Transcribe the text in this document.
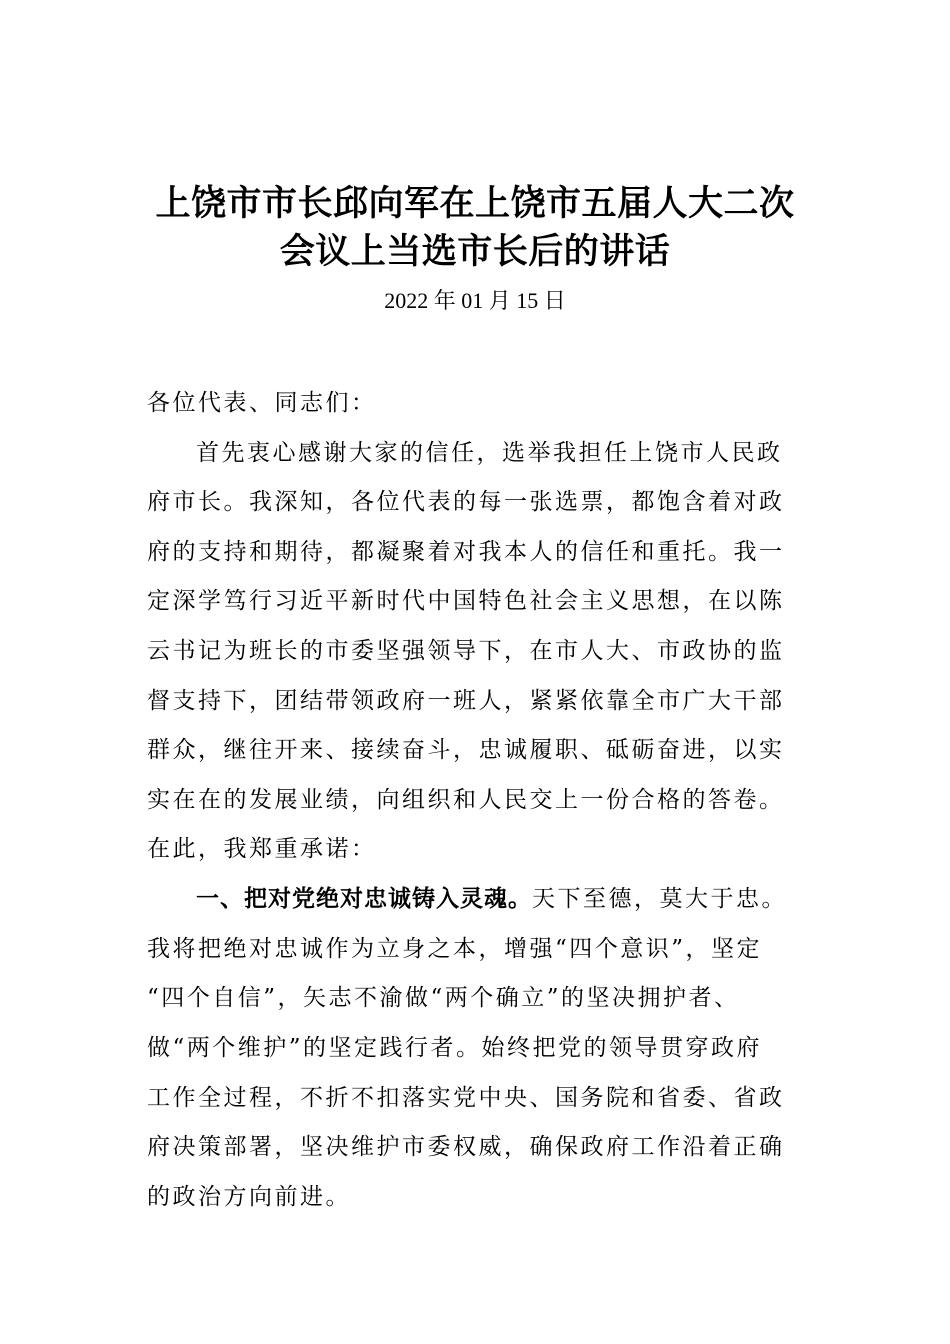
上饶市市长邱向军在上饶市五届人大二次
会议上当选市长后的讲话
2022 年 01 月 15 日
各位代表、同志们：
首先衷心感谢大家的信任，选举我担任上饶市人民政
府市长。我深知，各位代表的每一张选票，都饱含着对政
府的支持和期待，都凝聚着对我本人的信任和重托。我一
定深学笃行习近平新时代中国特色社会主义思想，在以陈
云书记为班长的市委坚强领导下，在市人大、市政协的监
督支持下，团结带领政府一班人，紧紧依靠全市广大干部
群众，继往开来、接续奋斗，忠诚履职、砥砺奋进，以实
实在在的发展业绩，向组织和人民交上一份合格的答卷。
在此，我郑重承诺：
一、把对党绝对忠诚铸入灵魂。天下至德，莫大于忠。
我将把绝对忠诚作为立身之本，增强“四个意识”，坚定
“四个自信”，矢志不渝做“两个确立”的坚决拥护者、
做“两个维护”的坚定践行者。始终把党的领导贯穿政府
工作全过程，不折不扣落实党中央、国务院和省委、省政
府决策部署，坚决维护市委权威，确保政府工作沿着正确
的政治方向前进。
